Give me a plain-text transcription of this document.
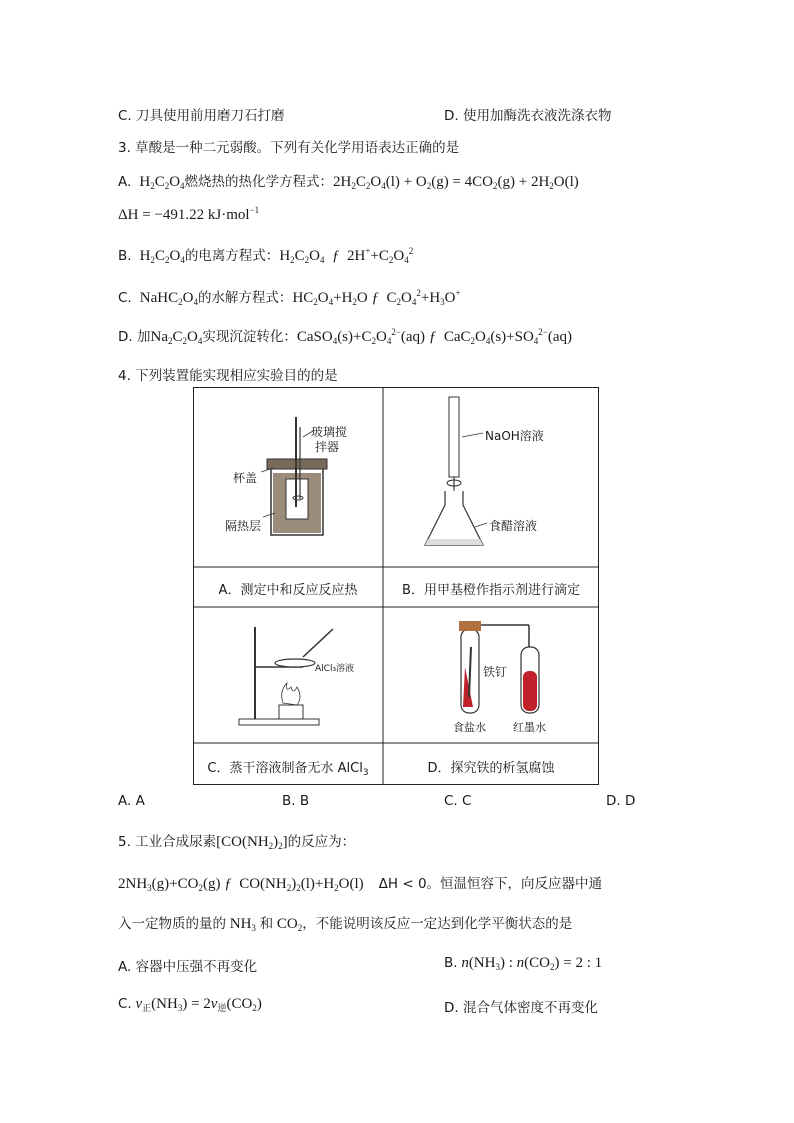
C. 刀具使用前用磨刀石打磨	D. 使用加酶洗衣液洗涤衣物
3. 草酸是一种二元弱酸。下列有关化学用语表达正确的是
A.  $H_2C_2O_4$燃烧热的热化学方程式：$2H_2C_2O_4(l) + O_2(g) = 4CO_2(g) + 2H_2O(l)$
ΔH = −491.22 kJ·mol$^{-1}$
B.  $H_2C_2O_4$的电离方程式：$H_2C_2O_4$ ƒ  $2H^++C_2O_4^2$
C.  $NaHC_2O_4$的水解方程式：$HC_2O_4+H_2O$ ƒ  $C_2O_4^2+H_3O^+$
D. 加$Na_2C_2O_4$实现沉淀转化：$CaSO_4(s)+C_2O_4^{2-}(aq)$ ƒ  $CaC_2O_4(s)+SO_4^{2-}(aq)$
4. 下列装置能实现相应实验目的的是
玻璃搅
拌器
杯盖
隔热层
A．测定中和反应反应热
NaOH溶液
食醋溶液
B．用甲基橙作指示剂进行滴定
AlCl₃溶液
C．蒸干溶液制备无水 AlCl$_3$
铁钉
食盐水 红墨水
D．探究铁的析氢腐蚀
A. A	B. B	C. C	D. D
5. 工业合成尿素$[CO(NH_2)_2]$的反应为：
$2NH_3(g)+CO_2(g)$ ƒ  $CO(NH_2)_2(l)+H_2O(l)$    ΔH < 0。恒温恒容下，向反应器中通
入一定物质的量的 $NH_3$ 和 $CO_2$，不能说明该反应一定达到化学平衡状态的是
A. 容器中压强不再变化	B. $n(NH_3)$ : $n(CO_2) = 2$ : 1
C. $v_正(NH_3) = 2v_逆(CO_2)$	D. 混合气体密度不再变化
